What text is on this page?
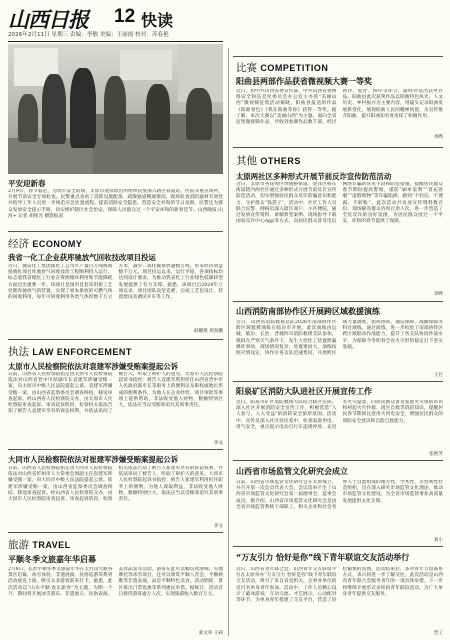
山西日报 12 快读
2026年2月11日 星期三 责编：李敏 美编：王丽霞 校对：苏春艳
平安迎新春
2月9日，春节临近，为筑牢安全防线，太原市迎泽派出所组织民警深入辖区铁道站、医院等重点场所，开展节前安全专项检查。民警重点查看了消防设施配备、疏散通道畅通情况，现场检查消防器材有效性并指导工作人员进一步规范应急处置流程。提前消除安全隐患，营造安全祥和的节日氛围。民警还为群众发放安全提示手册，切实维护辖区社会治安，保障人民群众过一个平安祥和的新春佳节。山西晚报·山河+ 记者 胡铭光 摄影报道
经济 ECONOMY
我省一化工企业获库驰放气回收技改项目投运
近日，潞安化工集团煤化工公司年产量百万吨煤间接液化项目库驰放气回收技改工程顺利投入运行。标志着我省煤化工行业在资源循环利用和节能降耗方面迈出重要一步。该项目是国内首套采用新工艺处理库驰放气的装置，实现了原本排放的可燃气体的回收利用，每年可回收利用各类气体约数千万立方米，减少二氧化碳排放逾数万吨，带来经济效益数千万元。项目投运以来，运行平稳，各项指标均达到设计要求，为推动我省化工行业绿色低碳转型发展提供了有力支撑。据悉，该项目自2024年立项以来，项目团队攻坚克难，完成工艺包设计、装置建设及调试开车等工作。
薛曜燕 周劲鹏
执法 LAW ENFORCEMENT
太原市人民检察院依法对袁建军涉嫌受贿案提起公诉
日前，山西省人民检察院指定由太原市人民检察院依法对山西省晋中市原副市长袁建军涉嫌受贿一案，向太原市中级人民法院提起公诉。袁建军涉嫌受贿一案，由山西省监察委员会调查终结，移送审查起诉。经山西省人民检察院交办，由太原市人民检察院审查起诉。审查起诉阶段，检察机关依法告知了被告人袁建军享有的诉讼权利，并依法讯问了被告人，听取了辩护人的意见。太原市人民检察院起诉书指控：被告人袁建军利用担任山西省晋中市人民政府副市长等职务上的便利以及职权或地位形成的便利条件，为他人在企业经营、项目审批等事项上提供帮助，非法收受他人财物，数额特别巨大，依法应当以受贿罪追究其刑事责任。
李文
大同市人民检察院依法对崔建军涉嫌受贿案提起公诉
日前，山西省人民检察院指定由大同市人民检察院依法对山西省忻州市人大常委会原副主任崔建军涉嫌受贿一案，向大同市中级人民法院提起公诉。崔建军涉嫌受贿一案，由山西省监察委员会调查终结，移送审查起诉。经山西省人民检察院交办，由大同市人民检察院审查起诉。审查起诉阶段，检察机关依法告知了被告人崔建军享有的诉讼权利，并依法讯问了被告人，听取了辩护人的意见。大同市人民检察院起诉书指控：被告人崔建军利用担任职务上的便利，为他人谋取利益，非法收受他人财物，数额特别巨大，依法应当以受贿罪追究其刑事责任。
李文
旅游 TRAVEL
平顺冬季文旅嘉年华启幕
2月8日，长治平顺冬季文旅嘉年华在太行山大峡谷景区启幕，冰雪体验、非遗展演、民俗巡游等系列活动接连上演，吸引众多游客前来打卡。据悉，此次活动以“山水平顺·欢乐新春”为主题，为期一个月，期间将开展冰雪游乐、非遗展示、民俗表演、美食品鉴等活动。游客在此可以畅玩冰滑梯、雪地摩托等冰雪项目，还可以欣赏平顺八音会、平顺秧歌等非遗表演，品尝平顺特色美食。活动期间，景区推出门票优惠等系列惠民举措。据统计，活动首日接待游客逾万人次，实现旅游收入数百万元。
张文举 王莉
比赛 COMPETITION
阳曲县两部作品获省微视频大赛一等奖
近日，由中共山西省委宣传部、中共山西省委网络安全和信息化委员会办公室主办的“美丽山西”微视频征集活动揭晓，阳曲县报送的作品《阳曲春色》《我在阳曲等你》获得一等奖。据了解，本次大赛以“美丽山西”为主题，面向全省征集微视频作品，共收到参赛作品数千部，经过初评、复评、终评等环节，最终评选出获奖作品。阳曲县此次获奖作品以阳曲特色风光、人文历史、乡村振兴为主要内容，用镜头记录阳曲发展新变化，展现阳曲人民的精神风貌，为宣传推介阳曲、提升阳曲知名度发挥了积极作用。
李晔
其他 OTHERS
太原两社区多种形式开展节前反诈宣传防范活动
近日，太原市杏花岭区坝陵桥街道、迎泽区桥东街道辖内两社区通过多种形式开展节前反诈宣传防范活动，切实增强居民群众反诈防骗意识和能力，守护群众“钱袋子”。活动中，社区工作人员联合民警、网格员深入辖区商户、小区楼院，通过发放宣传资料、讲解典型案例、现场指导下载国家反诈中心App等方式，向居民群众普及电信网络诈骗的常见手段和防范措施，提醒居民群众春节期间提高警惕，谨防“刷单返利”“冒充客服”“虚假购物”等诈骗陷阱，做到“不轻信、不透露、不转账”。此次活动共发放宣传资料数百份，现场解答群众咨询百余人次，进一步营造了全民反诈的良好氛围，为居民群众度过一个平安、祥和的春节提供了保障。
李晔
山西消防南部协作区开展跨区域救援演练
近日，山西省消防救援总队2026年南部协作区跨区域救援演练在临汾市开展。此次演练由运城、临汾、长治、晋城四市消防救援支队参加，模拟在严寒天气条件下，发生大型化工装置泄漏爆炸事故，现场情况复杂、处置难度大。演练按照灾情设定，协作区各支队迅速集结，开展跨区域力量调度、指挥协同、通信保障、战勤保障等科目演练。通过演练，进一步检验了南部协作区跨区域联动作战能力，提升了各支队协同作战水平，为保障今冬明春全省火灾形势稳定打下坚实基础。
王巨
阳泉矿区消防大队进社区开展宣传工作
近日，阳泉市矿区消防救援大队结合辖区实际，深入社区开展消防安全宣传工作，积极营造“人人参与、人人受益”的消防安全浓厚氛围。活动中，宣传员深入社区居民家中，检查家庭用电、用气安全，重点提示电动自行车违规停放、充电等火灾隐患，向居民群众普及家庭火灾预防常识和初起火灾扑救、逃生自救等消防知识，提醒居民春节期间注意用火用电安全，增强居民群众的消防安全意识和自防自救能力。
张艳芳
山西省市场监管文化研究会成立
日前，山西省市场监管文化研究会在太原成立，并召开第一次会员代表大会。会议选举产生了山西省市场监管文化研究会第一届理事会、监事会成员。据介绍，山西省市场监管文化研究会是由全省市场监管系统干部职工、相关企业和社会各界人士自愿组成的地方性、学术性、非营利性社会组织，旨在深入研究市场监管文化理论，推动市场监管文化建设，为全省市场监管事业高质量发展提供文化支撑。
刘小
“万友引力 恰好是你”线下青年联谊交友活动举行
近日，山西省青年联合会、山西青年交友联谊平台在太原举办“万友引力 恰好是你”线下青年联谊交友活动，吸引了来自省直机关、企事业单位的近百名单身青年参加。活动中，工作人员精心设计了破冰游戏、互动交流、才艺展示、心动配对等环节，为单身青年搭建了交友平台，营造了轻松愉快的氛围。活动结束后，多对青年互留联系方式，表示将进一步了解交往。此次活动是山西省青年联合会服务青年的一项具体举措，下一步将继续开展形式多样的青年联谊活动，为广大单身青年提供交友服务。
晋工
